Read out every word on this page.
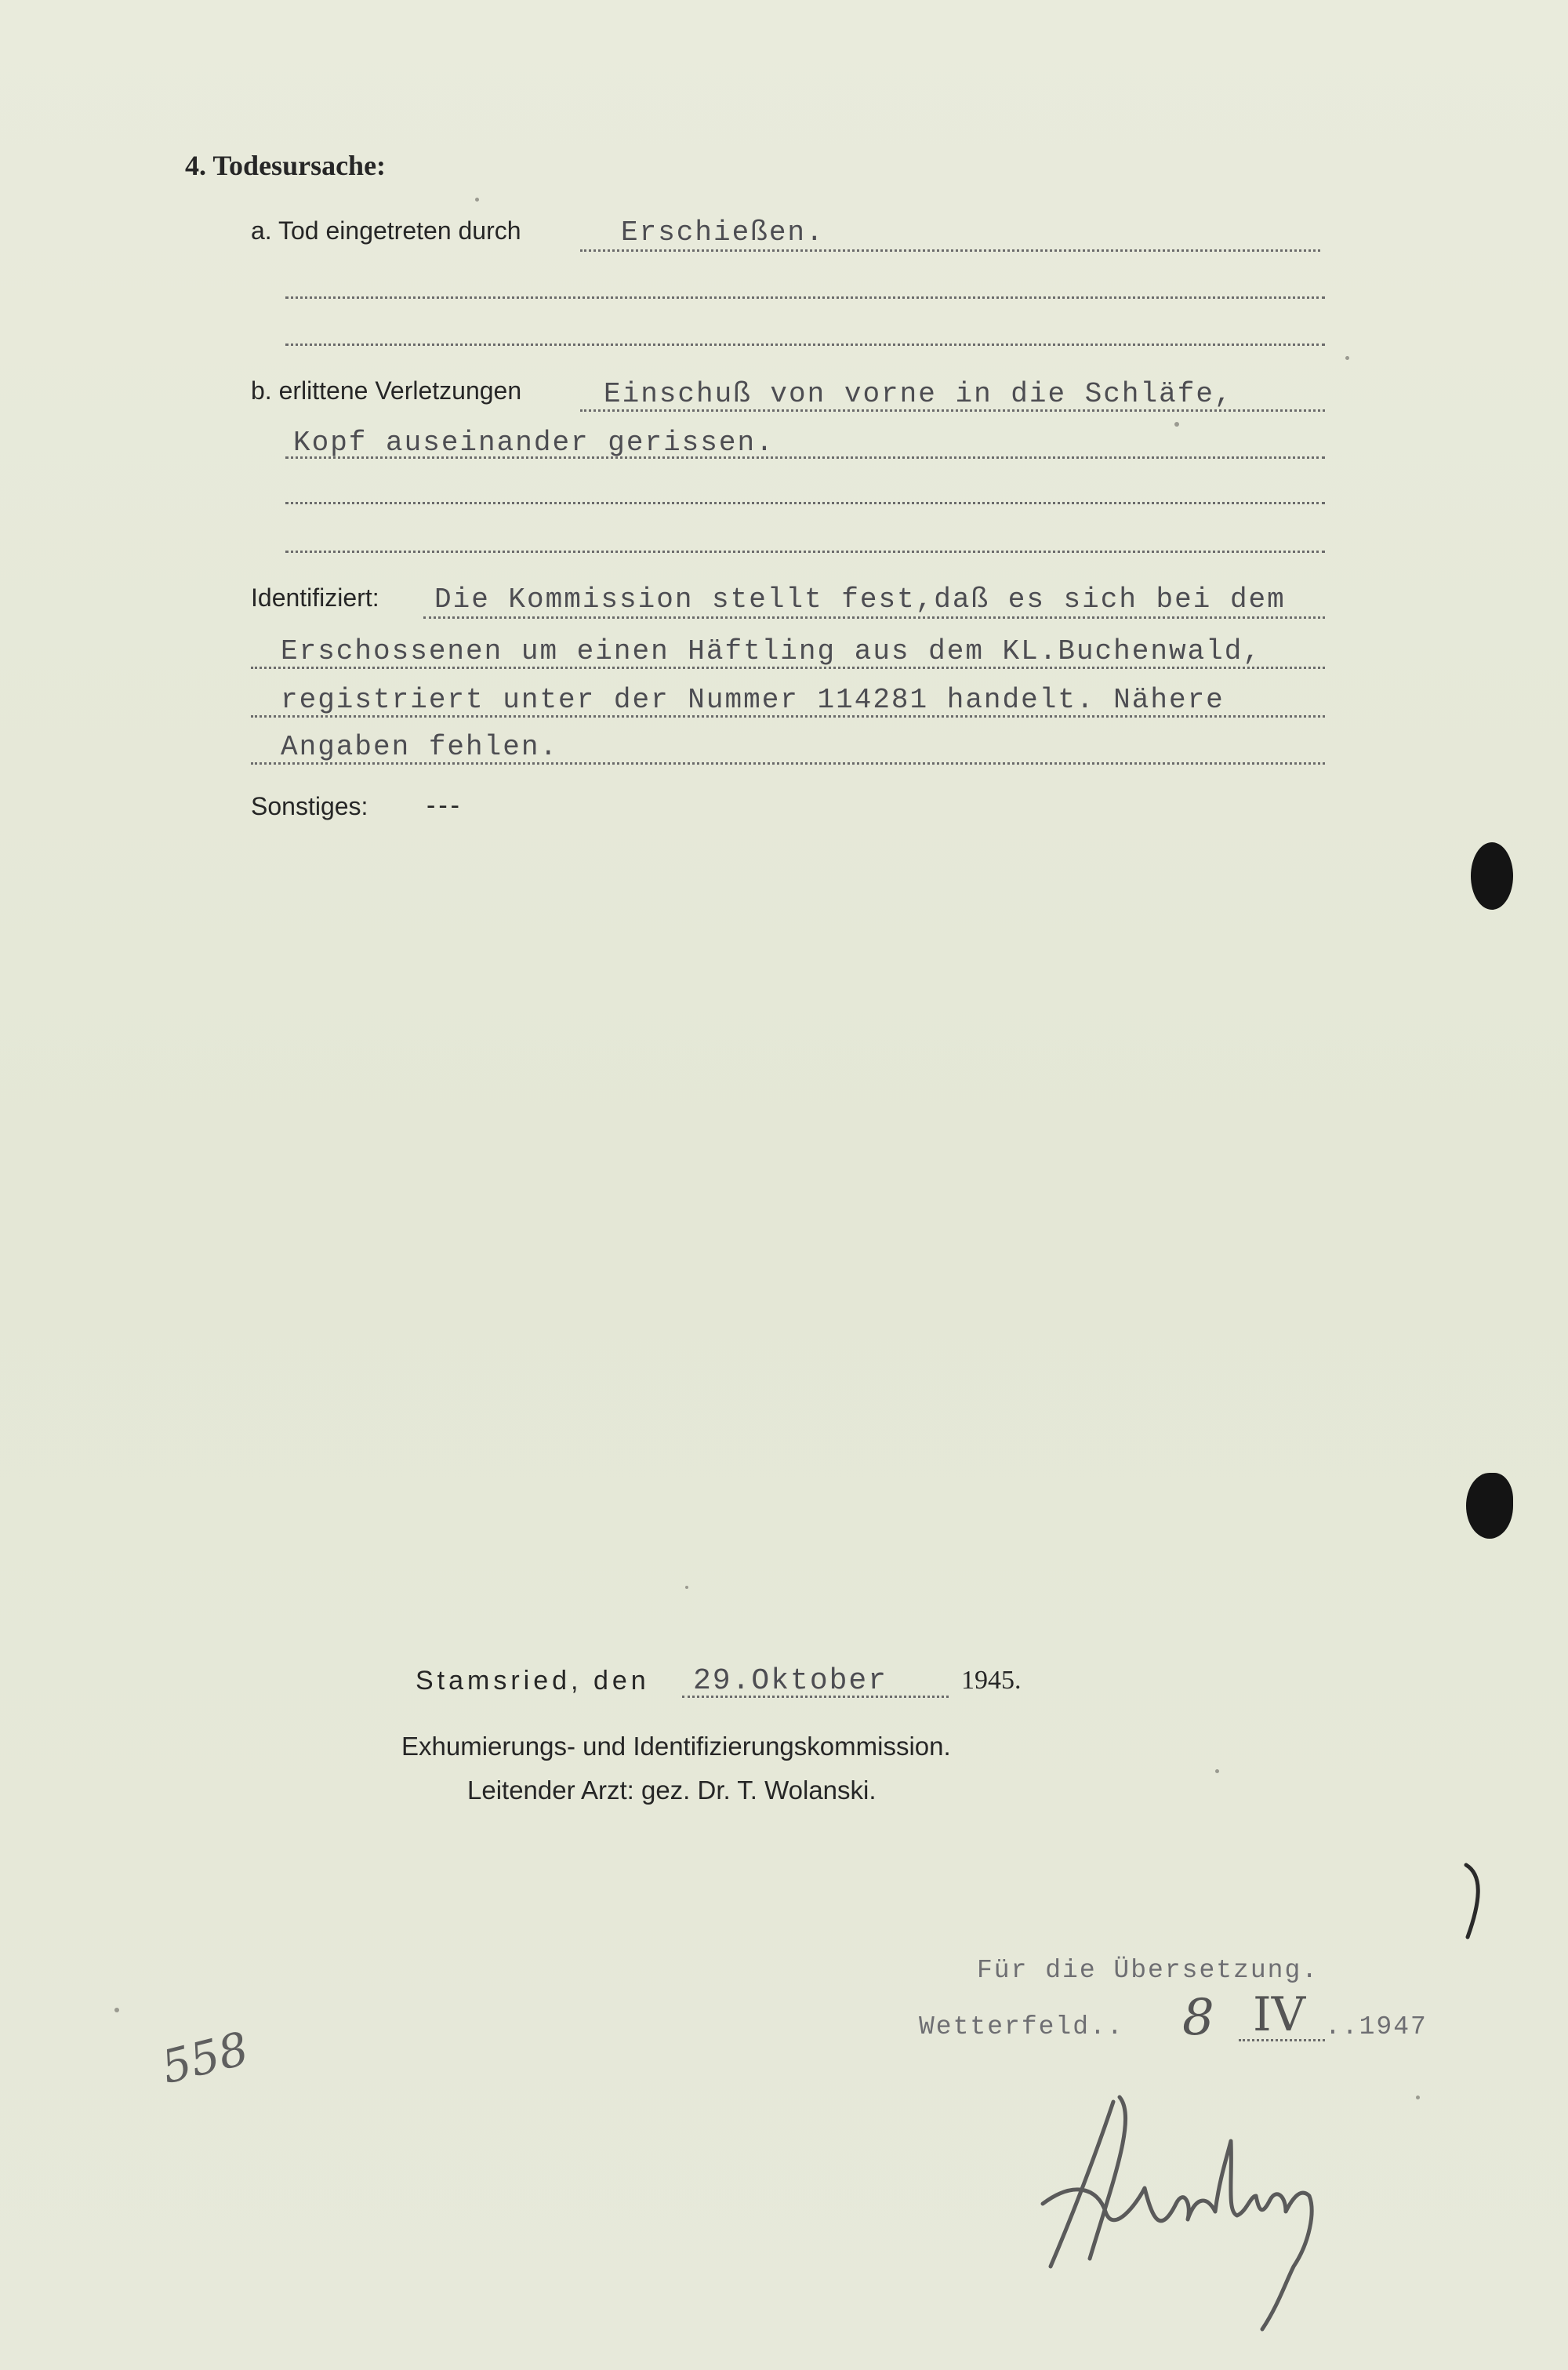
4. Todesursache:
a. Tod eingetreten durch	Erschießen.
b. erlittene Verletzungen	Einschuß von vorne in die Schläfe,
Kopf auseinander gerissen.
Identifiziert: Die Kommission stellt fest,daß es sich bei dem
Erschossenen um einen Häftling aus dem KL.Buchenwald,
registriert unter der Nummer 114281 handelt. Nähere
Angaben fehlen.
Sonstiges: ---
Stamsried, den 29.Oktober	1945.
Exhumierungs- und Identifizierungskommission.
Leitender Arzt: gez. Dr. T. Wolanski.
Für die Übersetzung.
Wetterfeld.. 8 IV ..1947
558
